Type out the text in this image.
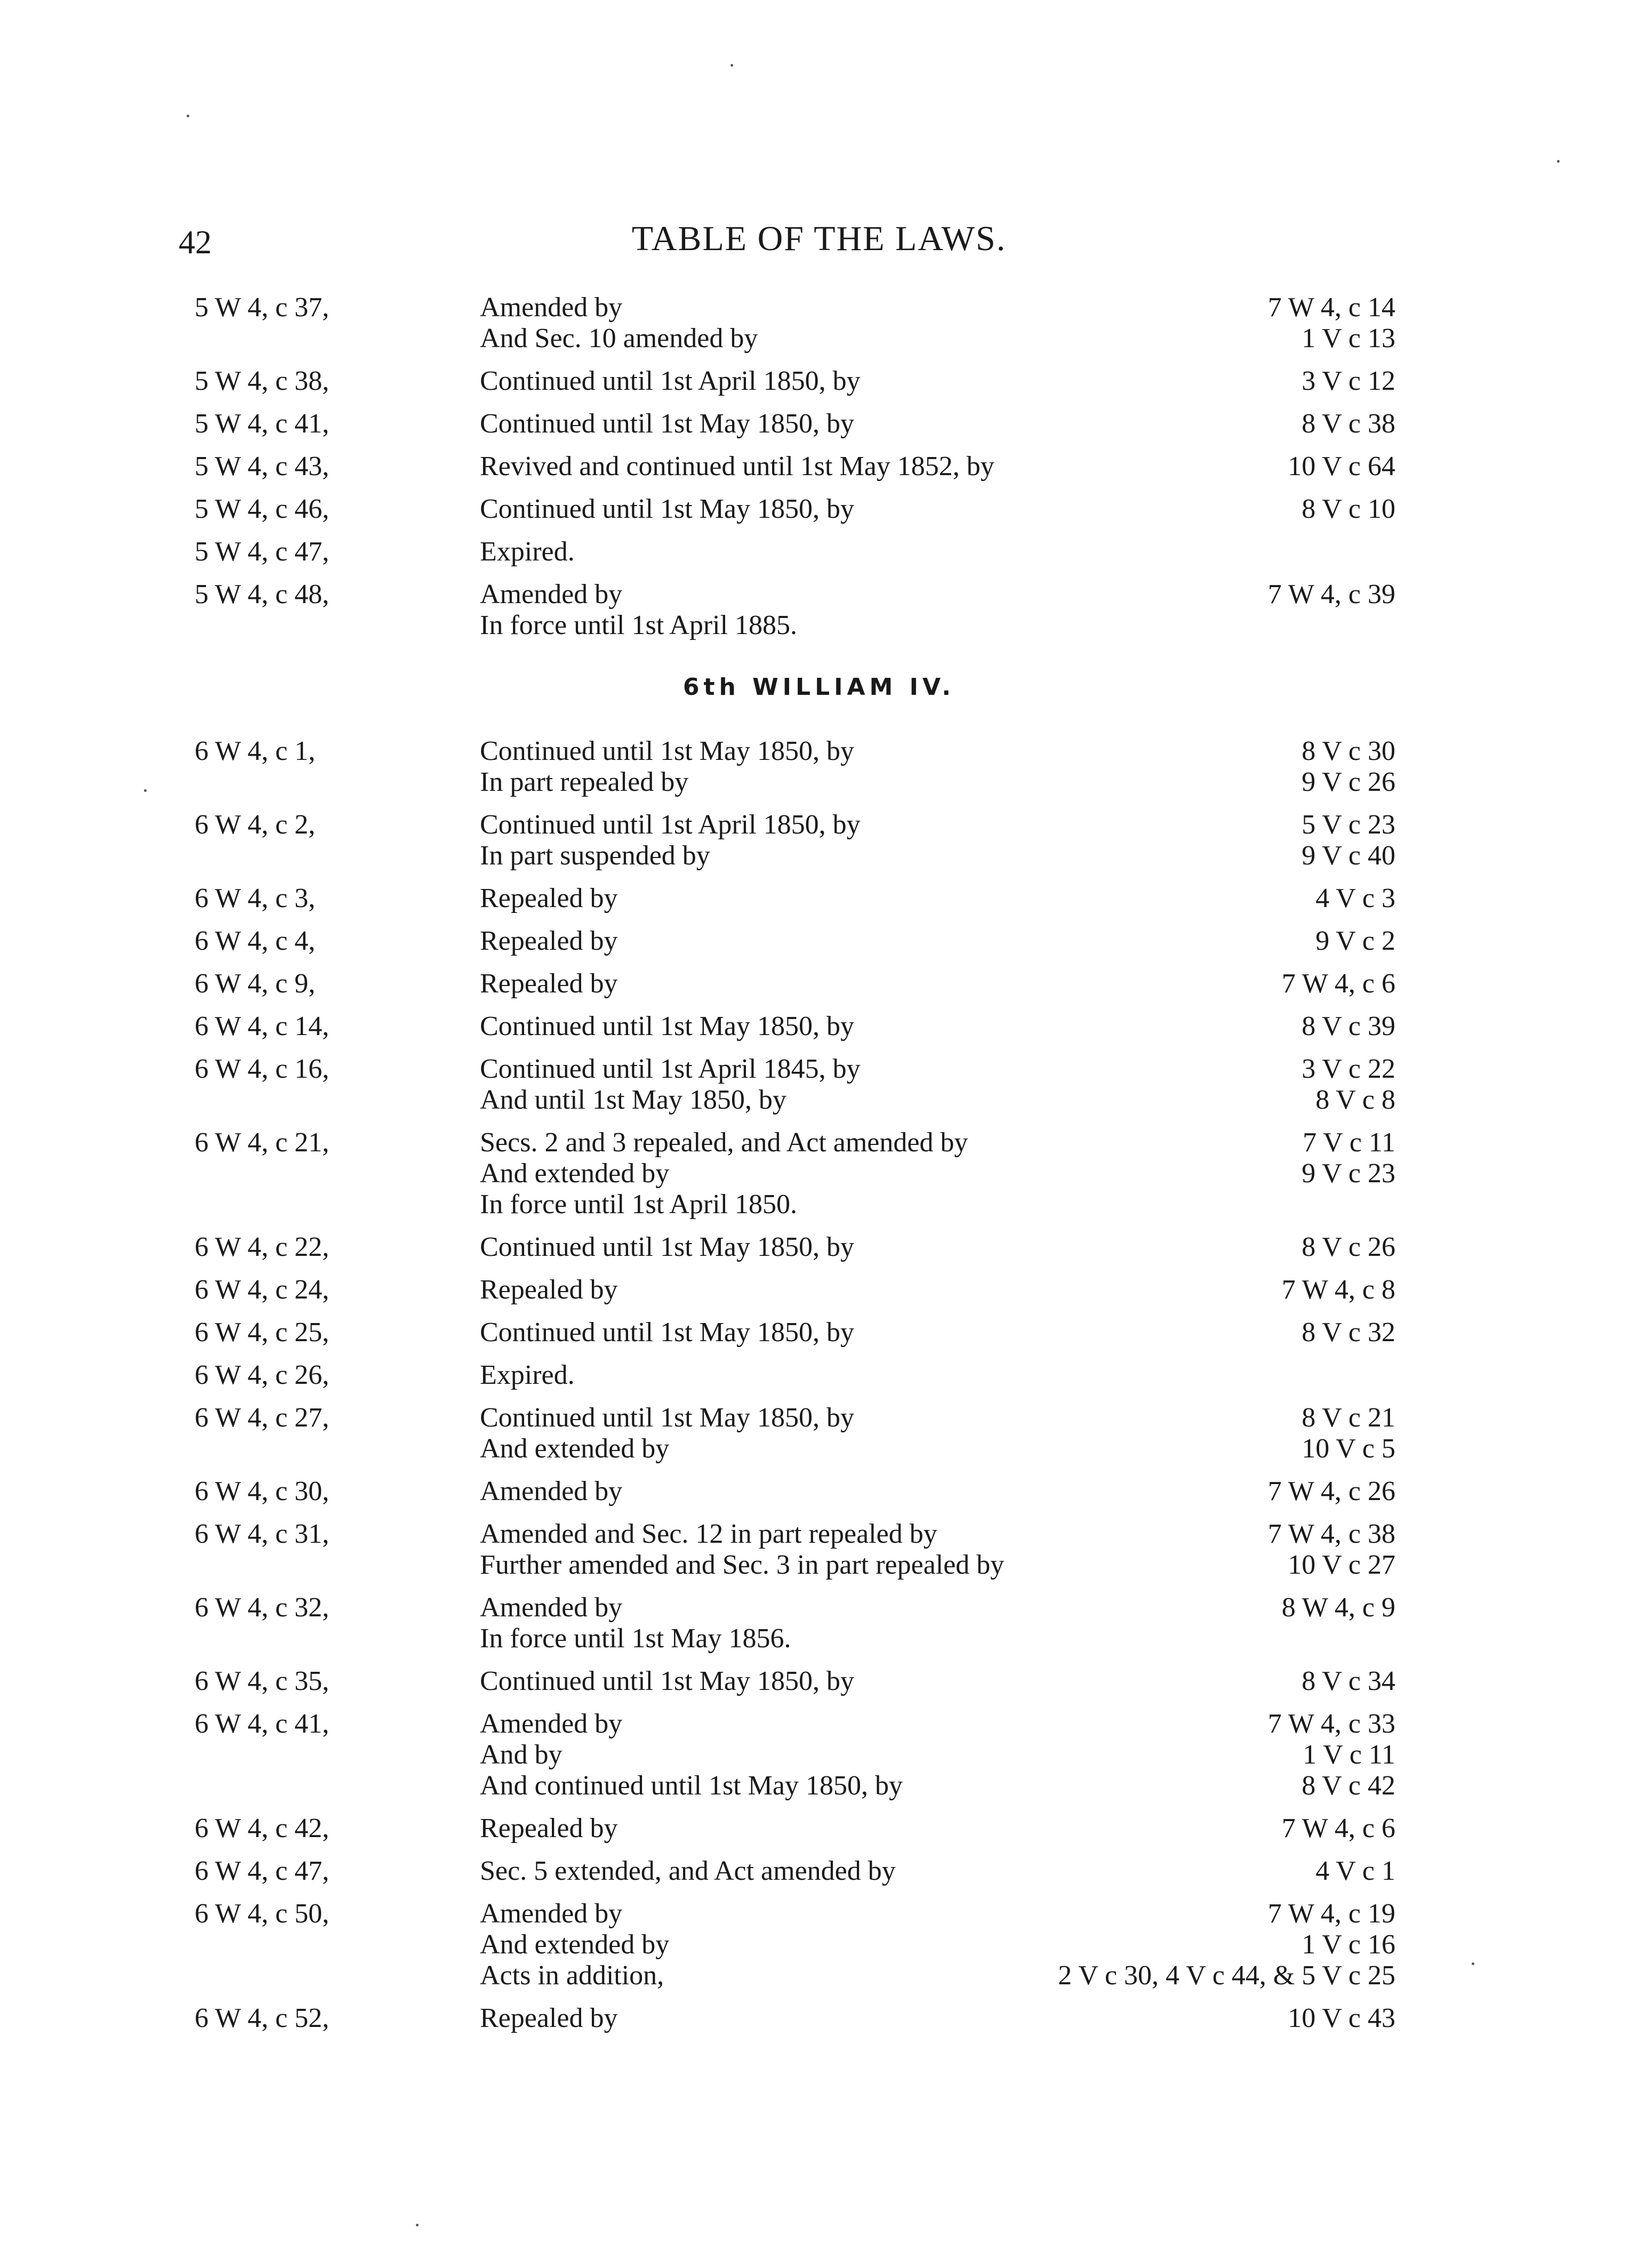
42	TABLE OF THE LAWS.
5 W 4, c 37,	Amended by	7 W 4, c 14
And Sec. 10 amended by	1 V c 13
5 W 4, c 38,	Continued until 1st April 1850, by	3 V c 12
5 W 4, c 41,	Continued until 1st May 1850, by	8 V c 38
5 W 4, c 43,	Revived and continued until 1st May 1852, by	10 V c 64
5 W 4, c 46,	Continued until 1st May 1850, by	8 V c 10
5 W 4, c 47,	Expired.
5 W 4, c 48,	Amended by	7 W 4, c 39
In force until 1st April 1885.
6th WILLIAM IV.
6 W 4, c 1,	Continued until 1st May 1850, by	8 V c 30
In part repealed by	9 V c 26
6 W 4, c 2,	Continued until 1st April 1850, by	5 V c 23
In part suspended by	9 V c 40
6 W 4, c 3,	Repealed by	4 V c 3
6 W 4, c 4,	Repealed by	9 V c 2
6 W 4, c 9,	Repealed by	7 W 4, c 6
6 W 4, c 14,	Continued until 1st May 1850, by	8 V c 39
6 W 4, c 16,	Continued until 1st April 1845, by	3 V c 22
And until 1st May 1850, by	8 V c 8
6 W 4, c 21,	Secs. 2 and 3 repealed, and Act amended by	7 V c 11
And extended by	9 V c 23
In force until 1st April 1850.
6 W 4, c 22,	Continued until 1st May 1850, by	8 V c 26
6 W 4, c 24,	Repealed by	7 W 4, c 8
6 W 4, c 25,	Continued until 1st May 1850, by	8 V c 32
6 W 4, c 26,	Expired.
6 W 4, c 27,	Continued until 1st May 1850, by	8 V c 21
And extended by	10 V c 5
6 W 4, c 30,	Amended by	7 W 4, c 26
6 W 4, c 31,	Amended and Sec. 12 in part repealed by	7 W 4, c 38
Further amended and Sec. 3 in part repealed by	10 V c 27
6 W 4, c 32,	Amended by	8 W 4, c 9
In force until 1st May 1856.
6 W 4, c 35,	Continued until 1st May 1850, by	8 V c 34
6 W 4, c 41,	Amended by	7 W 4, c 33
And by	1 V c 11
And continued until 1st May 1850, by	8 V c 42
6 W 4, c 42,	Repealed by	7 W 4, c 6
6 W 4, c 47,	Sec. 5 extended, and Act amended by	4 V c 1
6 W 4, c 50,	Amended by	7 W 4, c 19
And extended by	1 V c 16
Acts in addition,	2 V c 30, 4 V c 44, & 5 V c 25
6 W 4, c 52,	Repealed by	10 V c 43
